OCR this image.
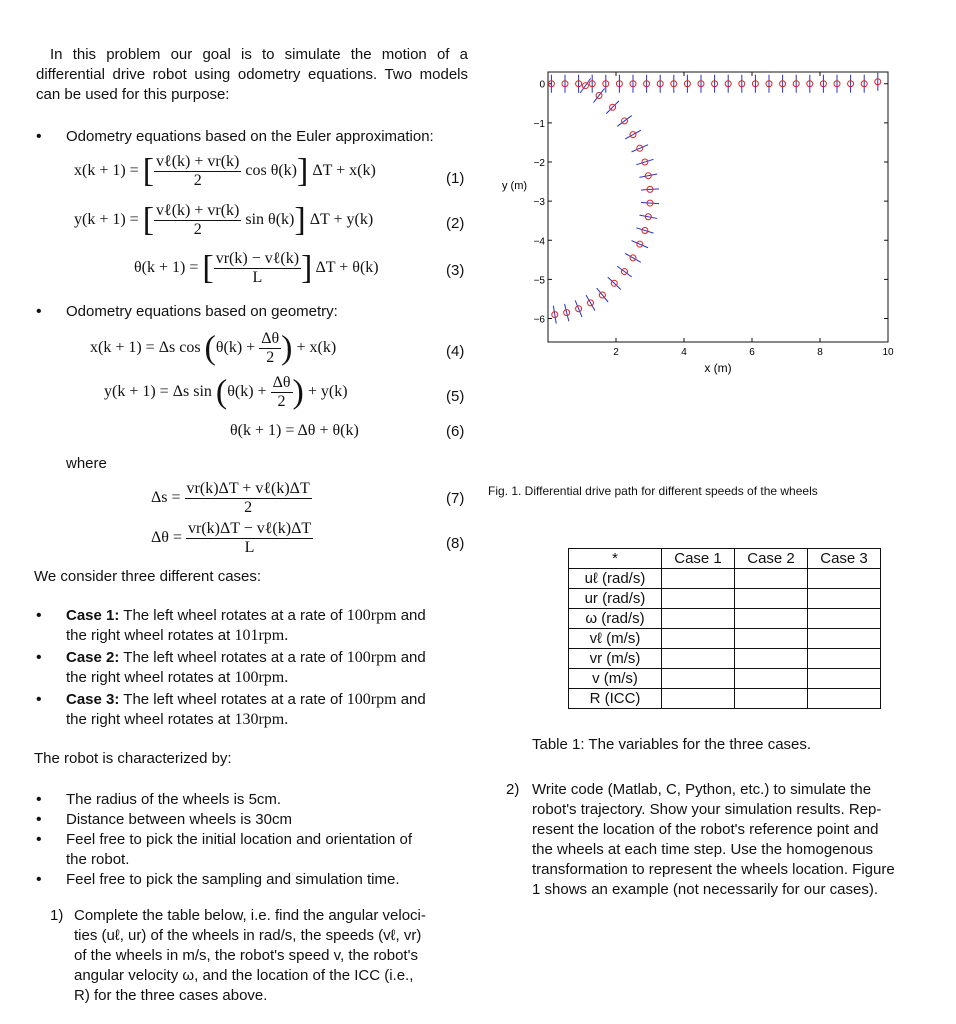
In this problem our goal is to simulate the motion of a differential drive robot using odometry equations. Two models can be used for this purpose:
• Odometry equations based on the Euler approximation:
x(k + 1) = [ $\frac{\text{vℓ(k) + vr(k)}}{2}$ cos θ(k)] ΔT + x(k)	(1)
y(k + 1) = [ $\frac{\text{vℓ(k) + vr(k)}}{2}$ sin θ(k)] ΔT + y(k)	(2)
θ(k + 1) = [ $\frac{\text{vr(k) − vℓ(k)}}{L}$ ] ΔT + θ(k)	(3)
• Odometry equations based on geometry:
x(k + 1) = Δs $\cos (\theta(k) + \frac{\Delta\theta}{2}$ ) + x(k)	(4)
y(k + 1) = Δs $\sin (\theta(k) + \frac{\Delta\theta}{2}$ ) + y(k)	(5)
θ(k + 1) = Δθ + θ(k)	(6)
where
$\Delta s = \frac{\text{vr(k)ΔT + vℓ(k)ΔT}}{2}$	(7)
$\Delta\theta = \frac{\text{vr(k)ΔT − vℓ(k)ΔT}}{L}$	(8)
We consider three different cases:
• Case 1: The left wheel rotates at a rate of 100rpm and
the right wheel rotates at 101rpm.
• Case 2: The left wheel rotates at a rate of 100rpm and
the right wheel rotates at 100rpm.
• Case 3: The left wheel rotates at a rate of 100rpm and
the right wheel rotates at 130rpm.
The robot is characterized by:
• The radius of the wheels is 5cm.
• Distance between wheels is 30cm
• Feel free to pick the initial location and orientation of
the robot.
• Feel free to pick the sampling and simulation time.
1) Complete the table below, i.e. find the angular veloci-
ties (uℓ, ur) of the wheels in rad/s, the speeds (vℓ, vr)
of the wheels in m/s, the robot's speed v, the robot's
angular velocity ω, and the location of the ICC (i.e.,
R) for the three cases above.
2	4	6	8	10
0
−1
−2
−3
−4
−5
−6
x (m)
y (m)
Fig. 1. Differential drive path for different speeds of the wheels
*	Case 1	Case 2	Case 3
uℓ (rad/s)			
ur (rad/s)			
ω (rad/s)			
vℓ (m/s)			
vr (m/s)			
v (m/s)			
R (ICC)			
Table 1: The variables for the three cases.
2) Write code (Matlab, C, Python, etc.) to simulate the
robot's trajectory. Show your simulation results. Rep-
resent the location of the robot's reference point and
the wheels at each time step. Use the homogenous
transformation to represent the wheels location. Figure
1 shows an example (not necessarily for our cases).
